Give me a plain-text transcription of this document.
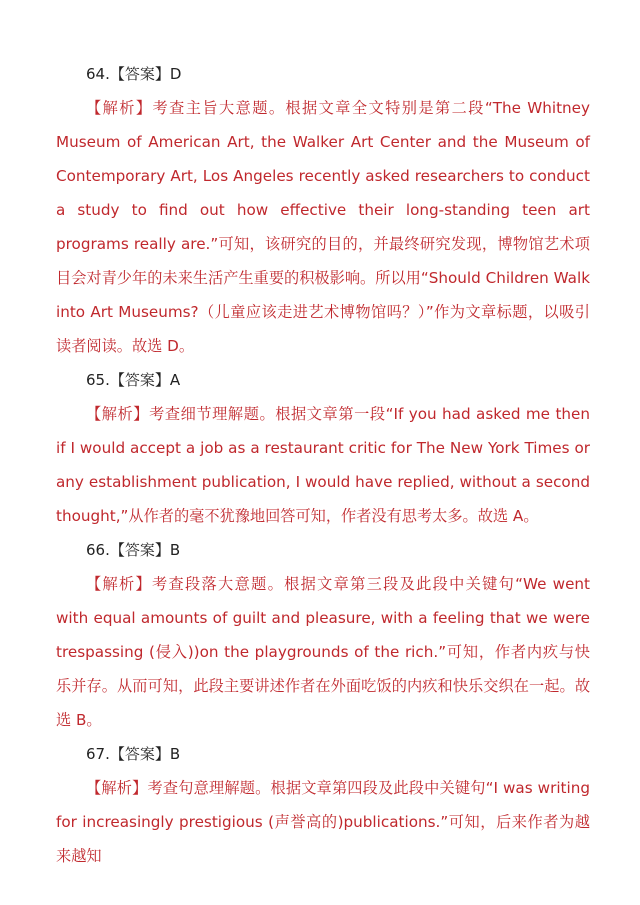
64.【答案】D
【解析】考查主旨大意题。根据文章全文特别是第二段“The Whitney Museum of American Art, the Walker Art Center and the Museum of Contemporary Art, Los Angeles recently asked researchers to conduct a study to find out how effective their long-standing teen art programs really are.”可知，该研究的目的，并最终研究发现，博物馆艺术项目会对青少年的未来生活产生重要的积极影响。所以用“Should Children Walk into Art Museums?（儿童应该走进艺术博物馆吗？）”作为文章标题，以吸引读者阅读。故选 D。
65.【答案】A
【解析】考查细节理解题。根据文章第一段“If you had asked me then if I would accept a job as a restaurant critic for The New York Times or any establishment publication, I would have replied, without a second thought,”从作者的毫不犹豫地回答可知，作者没有思考太多。故选 A。
66.【答案】B
【解析】考查段落大意题。根据文章第三段及此段中关键句“We went with equal amounts of guilt and pleasure, with a feeling that we were trespassing (侵入))on the playgrounds of the rich.”可知，作者内疚与快乐并存。从而可知，此段主要讲述作者在外面吃饭的内疚和快乐交织在一起。故选 B。
67.【答案】B
【解析】考查句意理解题。根据文章第四段及此段中关键句“I was writing for increasingly prestigious (声誉高的)publications.”可知，后来作者为越来越知
